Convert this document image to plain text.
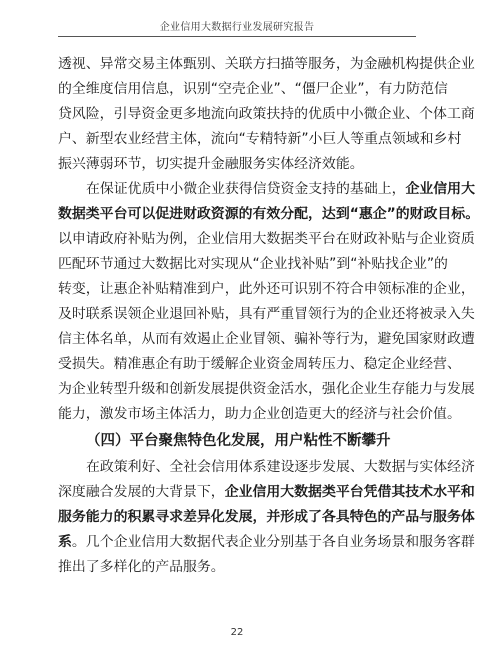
企业信用大数据行业发展研究报告
透视、异常交易主体甄别、关联方扫描等服务，为金融机构提供企业
的全维度信用信息，识别“空壳企业”、“僵尸企业”，有力防范信
贷风险，引导资金更多地流向政策扶持的优质中小微企业、个体工商
户、新型农业经营主体，流向“专精特新”小巨人等重点领域和乡村
振兴薄弱环节，切实提升金融服务实体经济效能。
在保证优质中小微企业获得信贷资金支持的基础上，企业信用大
数据类平台可以促进财政资源的有效分配，达到“惠企”的财政目标。
以申请政府补贴为例，企业信用大数据类平台在财政补贴与企业资质
匹配环节通过大数据比对实现从“企业找补贴”到“补贴找企业”的
转变，让惠企补贴精准到户，此外还可识别不符合申领标准的企业，
及时联系误领企业退回补贴，具有严重冒领行为的企业还将被录入失
信主体名单，从而有效遏止企业冒领、骗补等行为，避免国家财政遭
受损失。精准惠企有助于缓解企业资金周转压力、稳定企业经营、
为企业转型升级和创新发展提供资金活水，强化企业生存能力与发展
能力，激发市场主体活力，助力企业创造更大的经济与社会价值。
（四）平台聚焦特色化发展，用户粘性不断攀升
在政策利好、全社会信用体系建设逐步发展、大数据与实体经济
深度融合发展的大背景下，企业信用大数据类平台凭借其技术水平和
服务能力的积累寻求差异化发展，并形成了各具特色的产品与服务体
系。几个企业信用大数据代表企业分别基于各自业务场景和服务客群
推出了多样化的产品服务。
22
